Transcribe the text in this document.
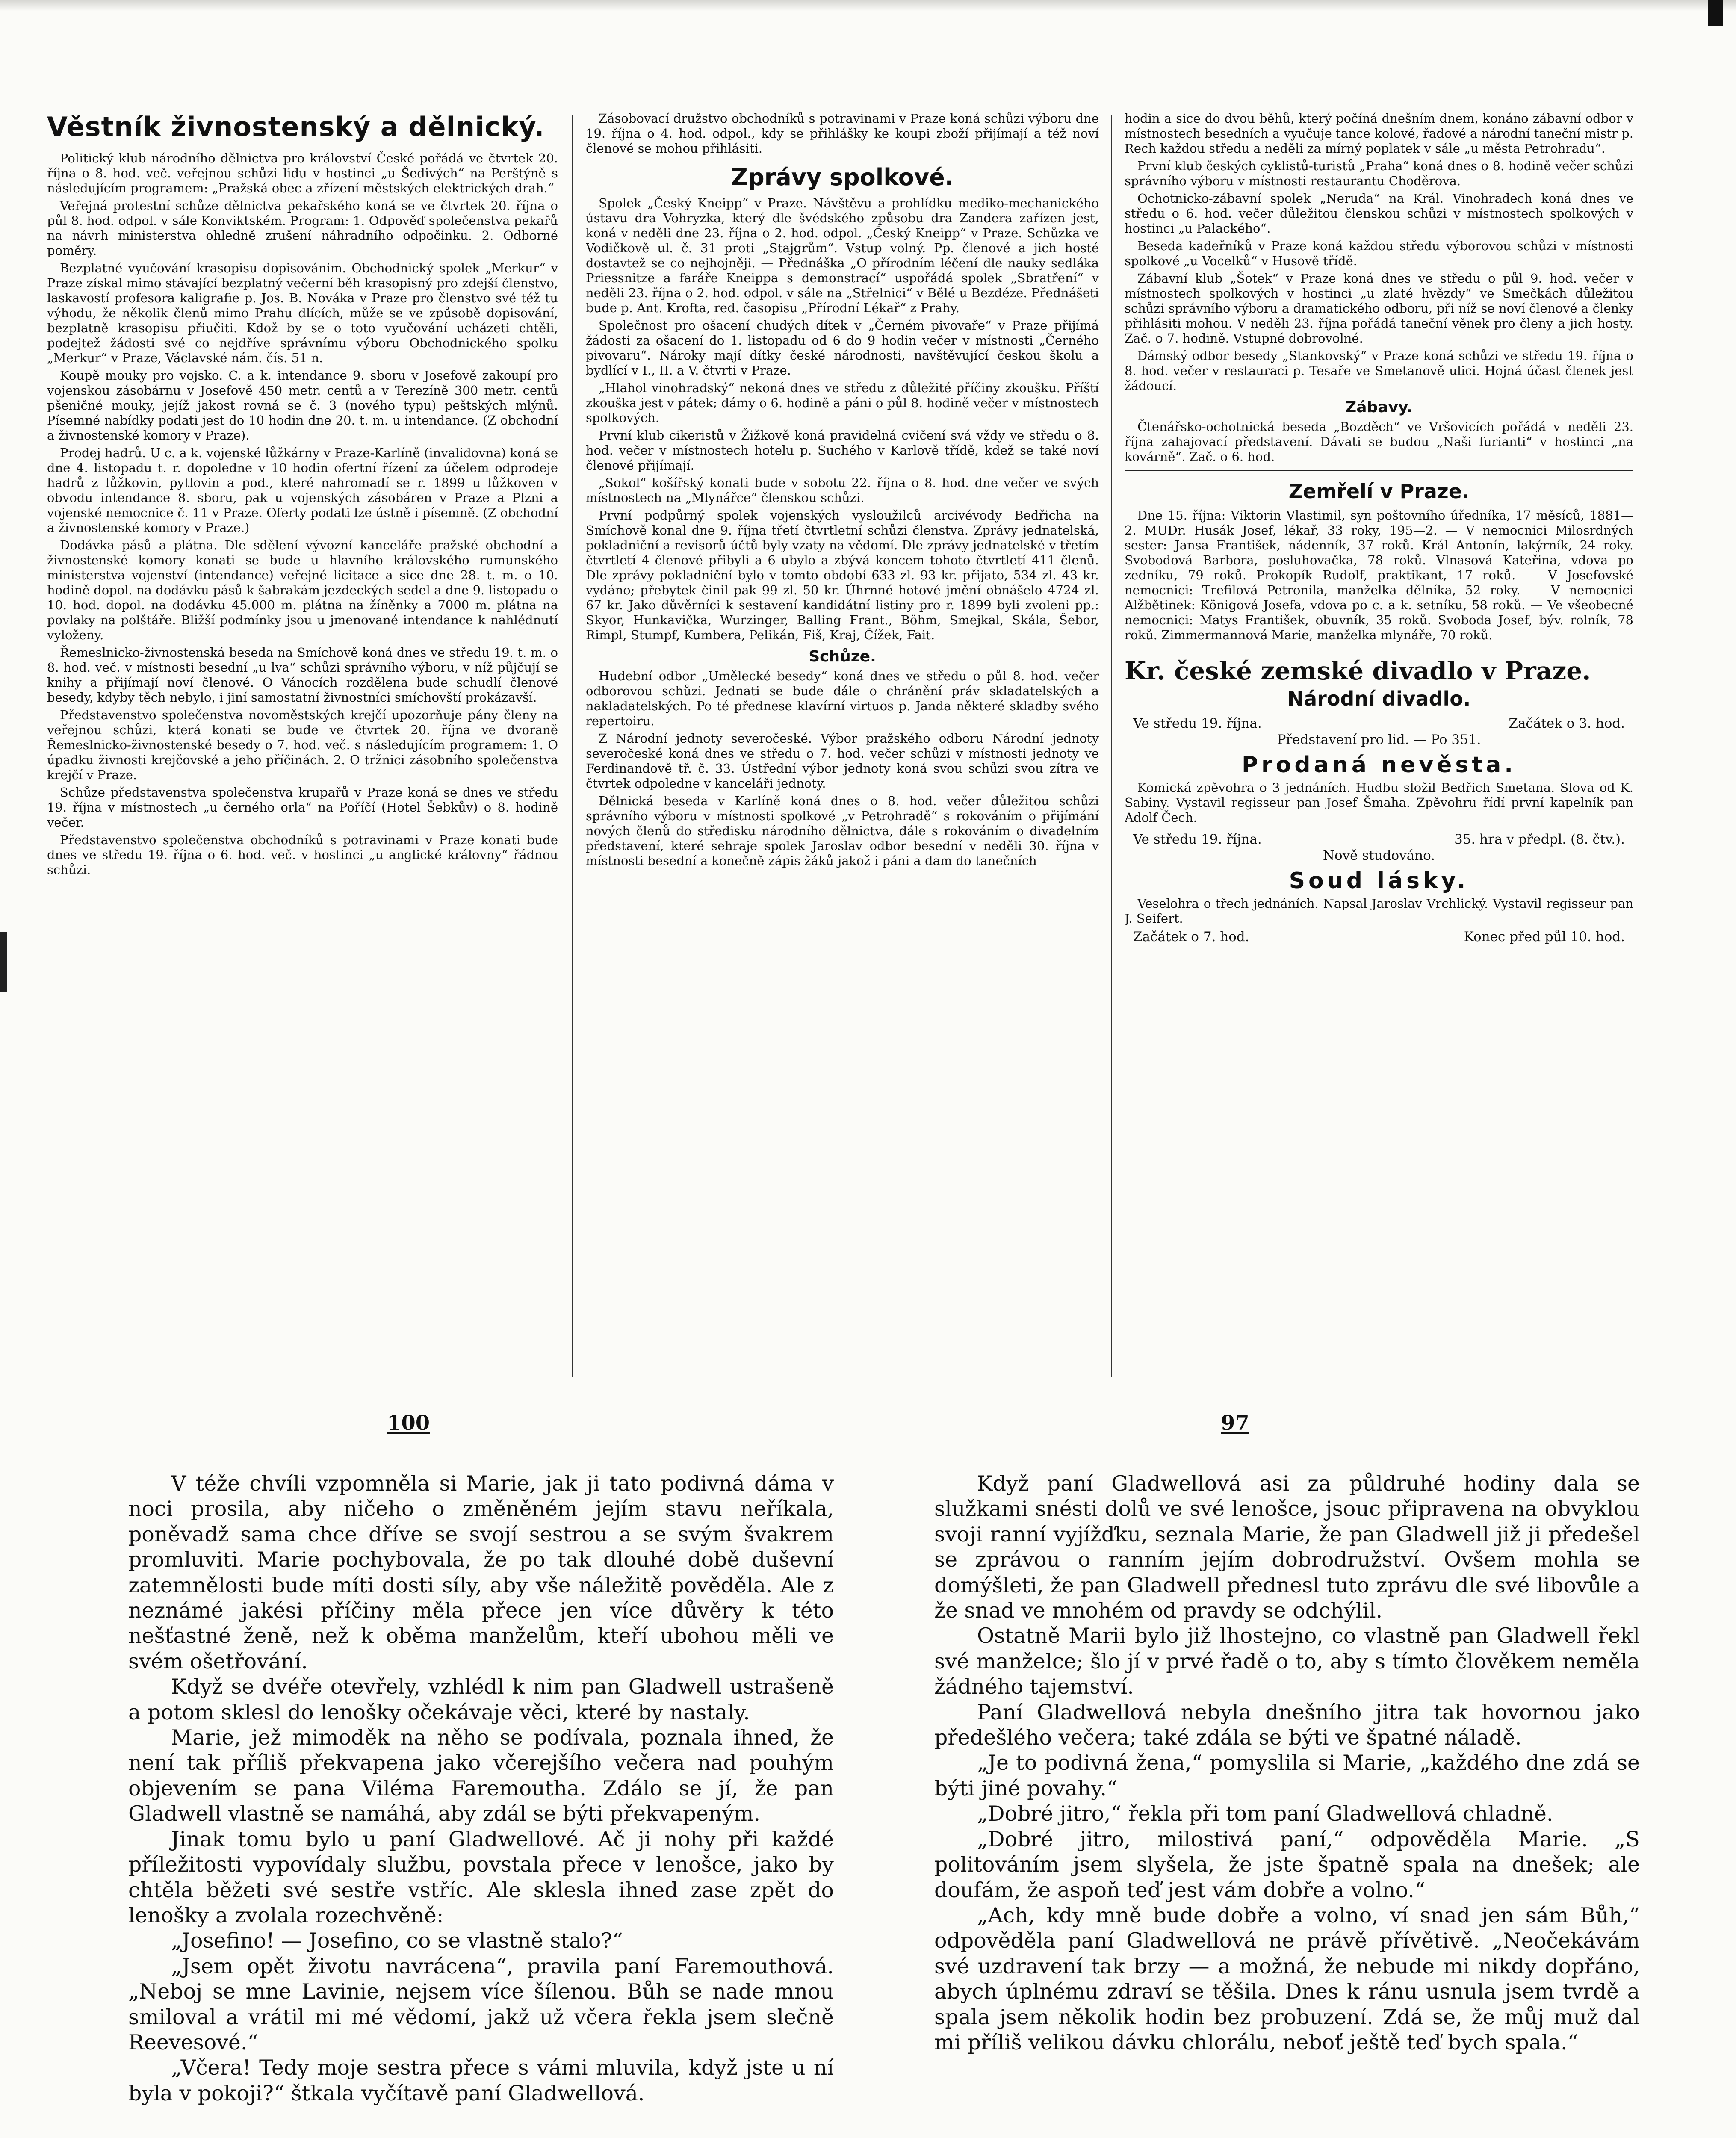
Věstník živnostenský a dělnický.

Politický klub národního dělnictva pro království České pořádá ve čtvrtek 20. října o 8. hod. več. veřejnou schůzi lidu v hostinci „u Šedivých“ na Perštýně s následujícím programem: „Pražská obec a zřízení městských elektrických drah.“

Veřejná protestní schůze dělnictva pekařského koná se ve čtvrtek 20. října o půl 8. hod. odpol. v sále Konviktském. Program: 1. Odpověď společenstva pekařů na návrh ministerstva ohledně zrušení náhradního odpočinku. 2. Odborné poměry.

Bezplatné vyučování krasopisu dopisovánim. Obchodnický spolek „Merkur“ v Praze získal mimo stávající bezplatný večerní běh krasopisný pro zdejší členstvo, laskavostí profesora kaligrafie p. Jos. B. Nováka v Praze pro členstvo své též tu výhodu, že několik členů mimo Prahu dlících, může se ve způsobě dopisování, bezplatně krasopisu přiučiti. Kdož by se o toto vyučování ucházeti chtěli, podejtež žádosti své co nejdříve správnímu výboru Obchodnického spolku „Merkur“ v Praze, Václavské nám. čís. 51 n.

Koupě mouky pro vojsko. C. a k. intendance 9. sboru v Josefově zakoupí pro vojenskou zásobárnu v Josefově 450 metr. centů a v Terezíně 300 metr. centů pšeničné mouky, jejíž jakost rovná se č. 3 (nového typu) peštských mlýnů. Písemné nabídky podati jest do 10 hodin dne 20. t. m. u intendance. (Z obchodní a živnostenské komory v Praze).

Prodej hadrů. U c. a k. vojenské lůžkárny v Praze-Karlíně (invalidovna) koná se dne 4. listopadu t. r. dopoledne v 10 hodin ofertní řízení za účelem odprodeje hadrů z lůžkovin, pytlovin a pod., které nahromadí se r. 1899 u lůžkoven v obvodu intendance 8. sboru, pak u vojenských zásobáren v Praze a Plzni a vojenské nemocnice č. 11 v Praze. Oferty podati lze ústně i písemně. (Z obchodní a živnostenské komory v Praze.)

Dodávka pásů a plátna. Dle sdělení vývozní kanceláře pražské obchodní a živnostenské komory konati se bude u hlavního královského rumunského ministerstva vojenství (intendance) veřejné licitace a sice dne 28. t. m. o 10. hodině dopol. na dodávku pásů k šabrakám jezdeckých sedel a dne 9. listopadu o 10. hod. dopol. na dodávku 45.000 m. plátna na žíněnky a 7000 m. plátna na povlaky na polštáře. Bližší podmínky jsou u jmenované intendance k nahlédnutí vyloženy.

Řemeslnicko-živnostenská beseda na Smíchově koná dnes ve středu 19. t. m. o 8. hod. več. v místnosti besední „u lva“ schůzi správního výboru, v níž půjčují se knihy a přijímají noví členové. O Vánocích rozdělena bude schudlí členové besedy, kdyby těch nebylo, i jiní samostatní živnostníci smíchovští prokázavší.

Představenstvo společenstva novoměstských krejčí upozorňuje pány členy na veřejnou schůzi, která konati se bude ve čtvrtek 20. října ve dvoraně Řemeslnicko-živnostenské besedy o 7. hod. več. s následujícím programem: 1. O úpadku živnosti krejčovské a jeho příčinách. 2. O tržnici zásobního společenstva krejčí v Praze.

Schůze představenstva společenstva krupařů v Praze koná se dnes ve středu 19. října v místnostech „u černého orla“ na Poříčí (Hotel Šebkův) o 8. hodině večer.

Představenstvo společenstva obchodníků s potravinami v Praze konati bude dnes ve středu 19. října o 6. hod. več. v hostinci „u anglické královny“ řádnou schůzi.

Zásobovací družstvo obchodníků s potravinami v Praze koná schůzi výboru dne 19. října o 4. hod. odpol., kdy se přihlášky ke koupi zboží přijímají a též noví členové se mohou přihlásiti.

Zprávy spolkové.

Spolek „Český Kneipp“ v Praze. Návštěvu a prohlídku mediko-mechanického ústavu dra Vohryzka, který dle švédského způsobu dra Zandera zařízen jest, koná v neděli dne 23. října o 2. hod. odpol. „Český Kneipp“ v Praze. Schůzka ve Vodičkově ul. č. 31 proti „Stajgrům“. Vstup volný. Pp. členové a jich hosté dostavtež se co nejhojněji. — Přednáška „O přírodním léčení dle nauky sedláka Priessnitze a faráře Kneippa s demonstrací“ uspořádá spolek „Sbratření“ v neděli 23. října o 2. hod. odpol. v sále na „Střelnici“ v Bělé u Bezdéze. Přednášeti bude p. Ant. Krofta, red. časopisu „Přírodní Lékař“ z Prahy.

Společnost pro ošacení chudých dítek v „Černém pivovaře“ v Praze přijímá žádosti za ošacení do 1. listopadu od 6 do 9 hodin večer v místnosti „Černého pivovaru“. Nároky mají dítky české národnosti, navštěvující českou školu a bydlící v I., II. a V. čtvrti v Praze.

„Hlahol vinohradský“ nekoná dnes ve středu z důležité příčiny zkoušku. Příští zkouška jest v pátek; dámy o 6. hodině a páni o půl 8. hodině večer v místnostech spolkových.

První klub cikeristů v Žižkově koná pravidelná cvičení svá vždy ve středu o 8. hod. večer v místnostech hotelu p. Suchého v Karlově třídě, kdež se také noví členové přijímají.

„Sokol“ košířský konati bude v sobotu 22. října o 8. hod. dne večer ve svých místnostech na „Mlynářce“ členskou schůzi.

První podpůrný spolek vojenských vysloužilců arcivévody Bedřicha na Smíchově konal dne 9. října třetí čtvrtletní schůzi členstva. Zprávy jednatelská, pokladniční a revisorů účtů byly vzaty na vědomí. Dle zprávy jednatelské v třetím čtvrtletí 4 členové přibyli a 6 ubylo a zbývá koncem tohoto čtvrtletí 411 členů. Dle zprávy pokladniční bylo v tomto období 633 zl. 93 kr. přijato, 534 zl. 43 kr. vydáno; přebytek činil pak 99 zl. 50 kr. Úhrnné hotové jmění obnášelo 4724 zl. 67 kr. Jako důvěrníci k sestavení kandidátní listiny pro r. 1899 byli zvoleni pp.: Skyor, Hunkavička, Wurzinger, Balling Frant., Böhm, Smejkal, Skála, Šebor, Rimpl, Stumpf, Kumbera, Pelikán, Fiš, Kraj, Čížek, Fait.

Schůze.

Hudební odbor „Umělecké besedy“ koná dnes ve středu o půl 8. hod. večer odborovou schůzi. Jednati se bude dále o chránění práv skladatelských a nakladatelských. Po té přednese klavírní virtuos p. Janda některé skladby svého repertoiru.

Z Národní jednoty severočeské. Výbor pražského odboru Národní jednoty severočeské koná dnes ve středu o 7. hod. večer schůzi v místnosti jednoty ve Ferdinandově tř. č. 33. Ústřední výbor jednoty koná svou schůzi svou zítra ve čtvrtek odpoledne v kanceláři jednoty.

Dělnická beseda v Karlíně koná dnes o 8. hod. večer důležitou schůzi správního výboru v místnosti spolkové „v Petrohradě“ s rokováním o přijímání nových členů do středisku národního dělnictva, dále s rokováním o divadelním představení, které sehraje spolek Jaroslav odbor besední v neděli 30. října v místnosti besední a konečně zápis žáků jakož i páni a dam do tanečních

hodin a sice do dvou běhů, který počíná dnešním dnem, konáno zábavní odbor v místnostech besedních a vyučuje tance kolové, řadové a národní taneční mistr p. Rech každou středu a neděli za mírný poplatek v sále „u města Petrohradu“.

První klub českých cyklistů-turistů „Praha“ koná dnes o 8. hodině večer schůzi správního výboru v místnosti restaurantu Choděrova.

Ochotnicko-zábavní spolek „Neruda“ na Král. Vinohradech koná dnes ve středu o 6. hod. večer důležitou členskou schůzi v místnostech spolkových v hostinci „u Palackého“.

Beseda kadeřníků v Praze koná každou středu výborovou schůzi v místnosti spolkové „u Vocelků“ v Husově třídě.

Zábavní klub „Šotek“ v Praze koná dnes ve středu o půl 9. hod. večer v místnostech spolkových v hostinci „u zlaté hvězdy“ ve Smečkách důležitou schůzi správního výboru a dramatického odboru, při níž se noví členové a členky přihlásiti mohou. V neděli 23. října pořádá taneční věnek pro členy a jich hosty. Zač. o 7. hodině. Vstupné dobrovolné.

Dámský odbor besedy „Stankovský“ v Praze koná schůzi ve středu 19. října o 8. hod. večer v restauraci p. Tesaře ve Smetanově ulici. Hojná účast členek jest žádoucí.

Zábavy.

Čtenářsko-ochotnická beseda „Bozděch“ ve Vršovicích pořádá v neděli 23. října zahajovací představení. Dávati se budou „Naši furianti“ v hostinci „na kovárně“. Zač. o 6. hod.

Zemřelí v Praze.

Dne 15. října: Viktorin Vlastimil, syn poštovního úředníka, 17 měsíců, 1881—2. MUDr. Husák Josef, lékař, 33 roky, 195—2. — V nemocnici Milosrdných sester: Jansa František, nádenník, 37 roků. Král Antonín, lakýrník, 24 roky. Svobodová Barbora, posluhovačka, 78 roků. Vlnasová Kateřina, vdova po zedníku, 79 roků. Prokopík Rudolf, praktikant, 17 roků. — V Josefovské nemocnici: Trefilová Petronila, manželka dělníka, 52 roky. — V nemocnici Alžbětinek: Königová Josefa, vdova po c. a k. setníku, 58 roků. — Ve všeobecné nemocnici: Matys František, obuvník, 35 roků. Svoboda Josef, býv. rolník, 78 roků. Zimmermannová Marie, manželka mlynáře, 70 roků.

Kr. české zemské divadlo v Praze.
Národní divadlo.
Ve středu 19. října.	Začátek o 3. hod.
Představení pro lid. — Po 351.
Prodaná nevěsta.

Komická zpěvohra o 3 jednáních. Hudbu složil Bedřich Smetana. Slova od K. Sabiny. Vystavil regisseur pan Josef Šmaha. Zpěvohru řídí první kapelník pan Adolf Čech.

Ve středu 19. října.	35. hra v předpl. (8. čtv.).
Nově studováno.
Soud lásky.

Veselohra o třech jednáních. Napsal Jaroslav Vrchlický. Vystavil regisseur pan J. Seifert.

Začátek o 7. hod.	Konec před půl 10. hod.
100	97

V téže chvíli vzpomněla si Marie, jak ji tato podivná dáma v noci prosila, aby ničeho o změněném jejím stavu neříkala, poněvadž sama chce dříve se svojí sestrou a se svým švakrem promluviti. Marie pochybovala, že po tak dlouhé době duševní zatemnělosti bude míti dosti síly, aby vše náležitě pověděla. Ale z neznámé jakési příčiny měla přece jen více důvěry k této nešťastné ženě, než k oběma manželům, kteří ubohou měli ve svém ošetřování.

Když se dvéře otevřely, vzhlédl k nim pan Gladwell ustrašeně a potom sklesl do lenošky očekávaje věci, které by nastaly.

Marie, jež mimoděk na něho se podívala, poznala ihned, že není tak příliš překvapena jako včerejšího večera nad pouhým objevením se pana Viléma Faremoutha. Zdálo se jí, že pan Gladwell vlastně se namáhá, aby zdál se býti překvapeným.

Jinak tomu bylo u paní Gladwellové. Ač ji nohy při každé příležitosti vypovídaly službu, povstala přece v lenošce, jako by chtěla běžeti své sestře vstříc. Ale sklesla ihned zase zpět do lenošky a zvolala rozechvěně:

„Josefino! — Josefino, co se vlastně stalo?“

„Jsem opět životu navrácena“, pravila paní Faremouthová. „Neboj se mne Lavinie, nejsem více šílenou. Bůh se nade mnou smiloval a vrátil mi mé vědomí, jakž už včera řekla jsem slečně Reevesové.“

„Včera! Tedy moje sestra přece s vámi mluvila, když jste u ní byla v pokoji?“ štkala vyčítavě paní Gladwellová.

Když paní Gladwellová asi za půldruhé hodiny dala se služkami snésti dolů ve své lenošce, jsouc připravena na obvyklou svoji ranní vyjížďku, seznala Marie, že pan Gladwell již ji předešel se zprávou o ranním jejím dobrodružství. Ovšem mohla se domýšleti, že pan Gladwell přednesl tuto zprávu dle své libovůle a že snad ve mnohém od pravdy se odchýlil.

Ostatně Marii bylo již lhostejno, co vlastně pan Gladwell řekl své manželce; šlo jí v prvé řadě o to, aby s tímto člověkem neměla žádného tajemství.

Paní Gladwellová nebyla dnešního jitra tak hovornou jako předešlého večera; také zdála se býti ve špatné náladě.

„Je to podivná žena,“ pomyslila si Marie, „každého dne zdá se býti jiné povahy.“

„Dobré jitro,“ řekla při tom paní Gladwellová chladně.

„Dobré jitro, milostivá paní,“ odpověděla Marie. „S politováním jsem slyšela, že jste špatně spala na dnešek; ale doufám, že aspoň teď jest vám dobře a volno.“

„Ach, kdy mně bude dobře a volno, ví snad jen sám Bůh,“ odpověděla paní Gladwellová ne právě přívětivě. „Neočekávám své uzdravení tak brzy — a možná, že nebude mi nikdy dopřáno, abych úplnému zdraví se těšila. Dnes k ránu usnula jsem tvrdě a spala jsem několik hodin bez probuzení. Zdá se, že můj muž dal mi příliš velikou dávku chlorálu, neboť ještě teď bych spala.“
